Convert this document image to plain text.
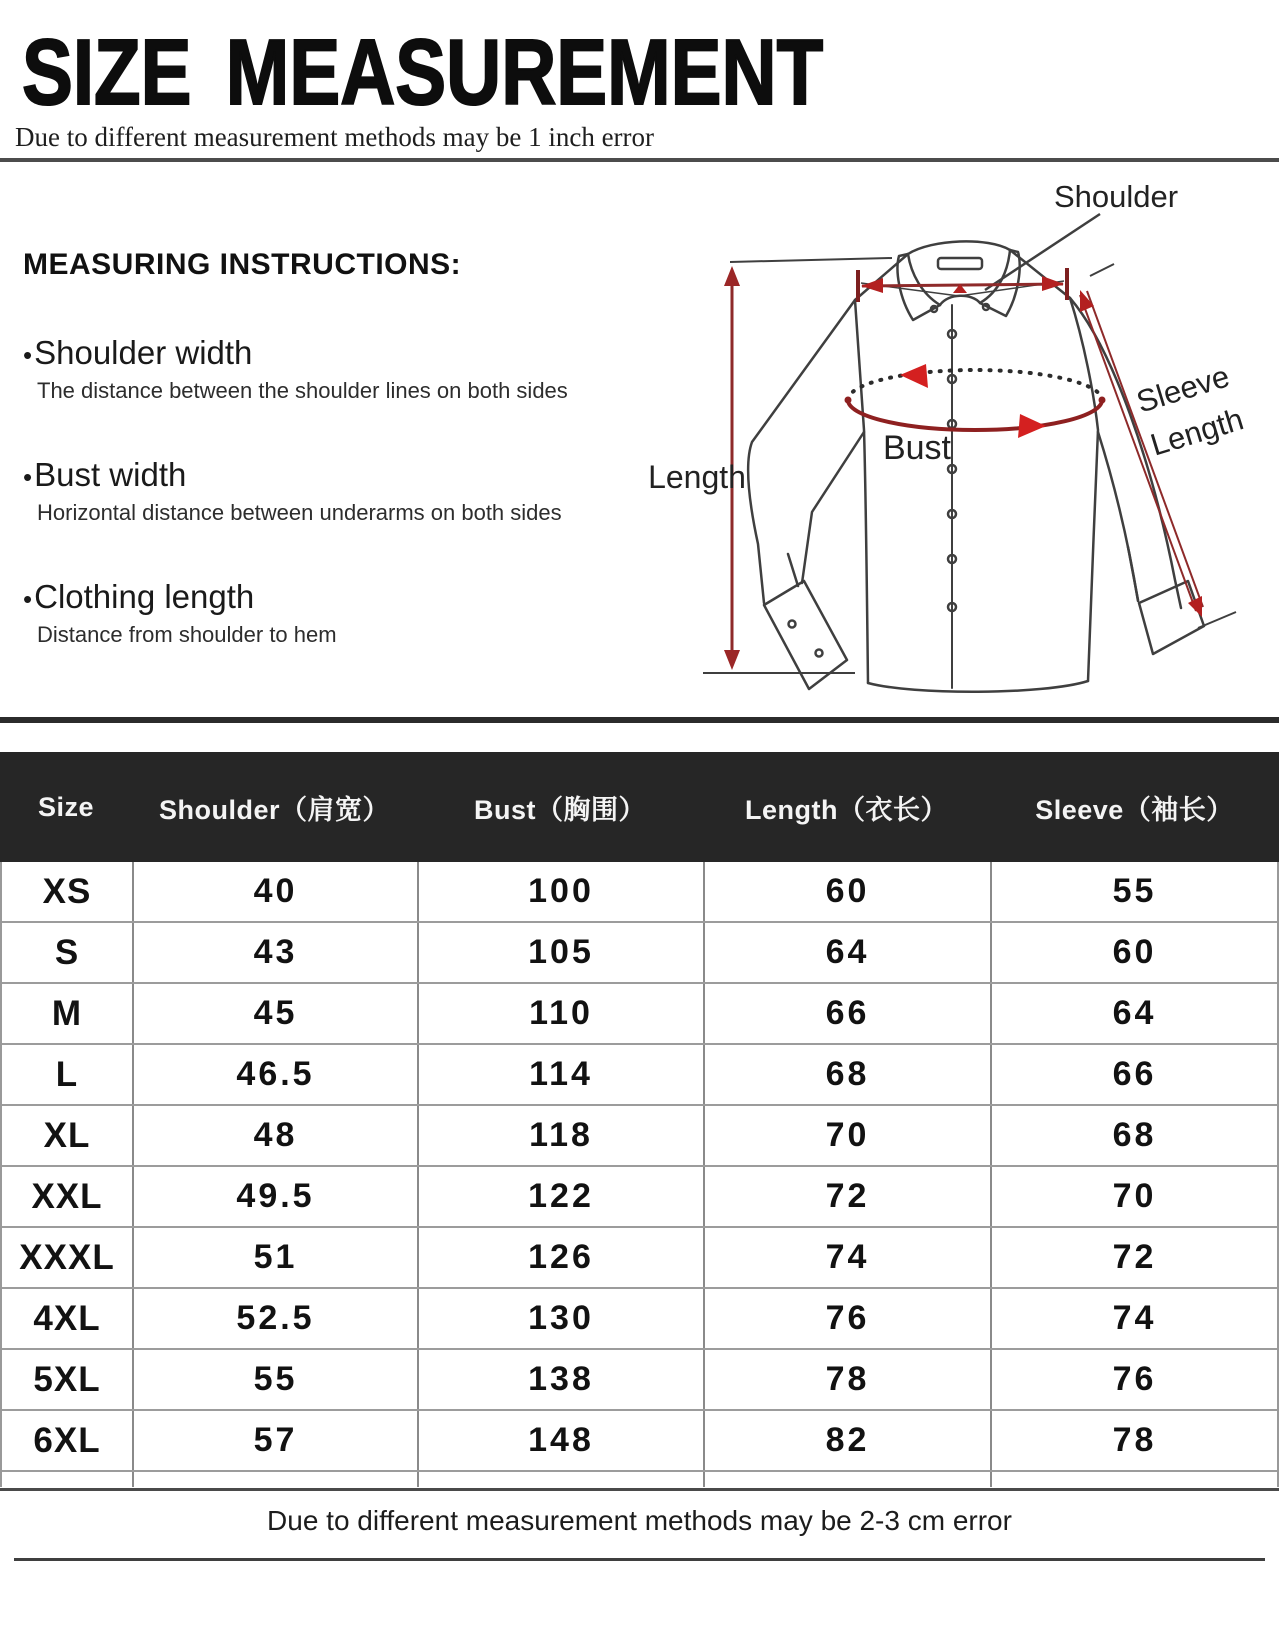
SIZE MEASUREMENT
Due to different measurement methods may be 1 inch error
MEASURING INSTRUCTIONS:
•Shoulder width
The distance between the shoulder lines on both sides
•Bust width
Horizontal distance between underarms on both sides
•Clothing length
Distance from shoulder to hem
Shoulder
Sleeve
Length
Length
Bust
Size	Shoulder（肩宽）	Bust（胸围）	Length（衣长）	Sleeve（袖长）
XS	40	100	60	55
S	43	105	64	60
M	45	110	66	64
L	46.5	114	68	66
XL	48	118	70	68
XXL	49.5	122	72	70
XXXL	51	126	74	72
4XL	52.5	130	76	74
5XL	55	138	78	76
6XL	57	148	82	78
Due to different measurement methods may be 2-3 cm error
